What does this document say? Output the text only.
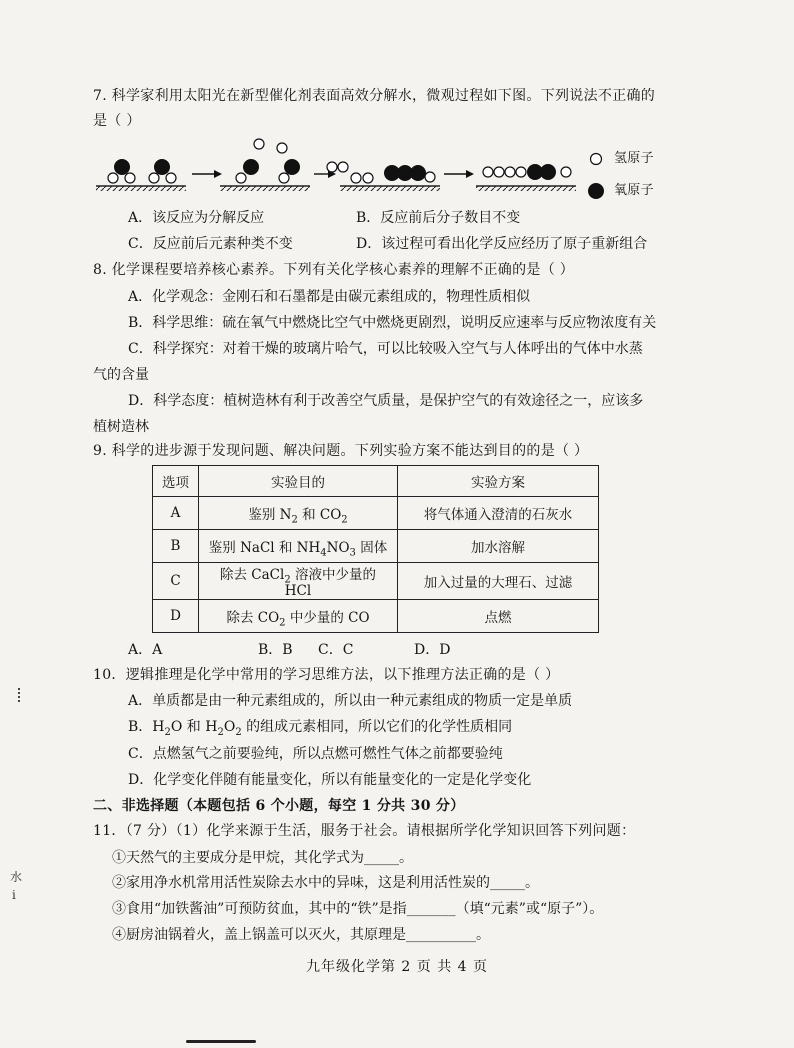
7. 科学家利用太阳光在新型催化剂表面高效分解水，微观过程如下图。下列说法不正确的
是（ ）
氢原子
氧原子
A．该反应为分解反应	B．反应前后分子数目不变
C．反应前后元素种类不变	D．该过程可看出化学反应经历了原子重新组合
8. 化学课程要培养核心素养。下列有关化学核心素养的理解不正确的是（ ）
A．化学观念：金刚石和石墨都是由碳元素组成的，物理性质相似
B．科学思维：硫在氧气中燃烧比空气中燃烧更剧烈，说明反应速率与反应物浓度有关
C．科学探究：对着干燥的玻璃片哈气，可以比较吸入空气与人体呼出的气体中水蒸
气的含量
D．科学态度：植树造林有利于改善空气质量，是保护空气的有效途径之一，应该多
植树造林
9. 科学的进步源于发现问题、解决问题。下列实验方案不能达到目的的是（ ）
选项	实验目的	实验方案
A	鉴别 $N_2$ 和 $CO_2$	将气体通入澄清的石灰水
B	鉴别 NaCl 和 $NH_4NO_3$ 固体	加水溶解
C	除去 CaCl$_2$ 溶液中少量的 HCl	加入过量的大理石、过滤
D	除去 $CO_2$ 中少量的 CO	点燃
A．A	B．B C．C	D．D
10．逻辑推理是化学中常用的学习思维方法，以下推理方法正确的是（ ）
A．单质都是由一种元素组成的，所以由一种元素组成的物质一定是单质
B．$H_2O$ 和 $H_2O_2$ 的组成元素相同，所以它们的化学性质相同
C．点燃氢气之前要验纯，所以点燃可燃性气体之前都要验纯
D．化学变化伴随有能量变化，所以有能量变化的一定是化学变化
二、非选择题（本题包括 6 个小题，每空 1 分共 30 分）
11．（7 分）（1）化学来源于生活，服务于社会。请根据所学化学知识回答下列问题：
①天然气的主要成分是甲烷，其化学式为_____。
②家用净水机常用活性炭除去水中的异味，这是利用活性炭的_____。
③食用“加铁酱油”可预防贫血，其中的“铁”是指_______（填“元素”或“原子”）。
④厨房油锅着火，盖上锅盖可以灭火，其原理是__________。
九年级化学第 2 页 共 4 页
水
i
